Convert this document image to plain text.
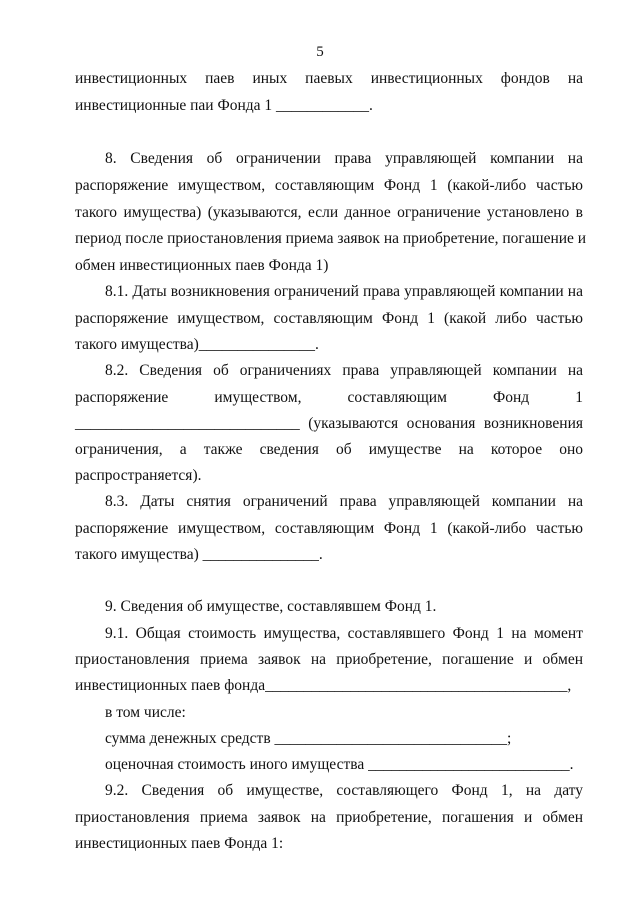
5
инвестиционных паев иных паевых инвестиционных фондов на
инвестиционные паи Фонда 1 ____________.
8. Сведения об ограничении права управляющей компании на
распоряжение имуществом, составляющим Фонд 1 (какой-либо частью
такого имущества) (указываются, если данное ограничение установлено в
период после приостановления приема заявок на приобретение, погашение и
обмен инвестиционных паев Фонда 1)
8.1. Даты возникновения ограничений права управляющей компании на
распоряжение имуществом, составляющим Фонд 1 (какой либо частью
такого имущества)_______________.
8.2. Сведения об ограничениях права управляющей компании на
распоряжение имуществом, составляющим Фонд 1
_____________________________ (указываются основания возникновения
ограничения, а также сведения об имуществе на которое оно
распространяется).
8.3. Даты снятия ограничений права управляющей компании на
распоряжение имуществом, составляющим Фонд 1 (какой-либо частью
такого имущества) _______________.
9. Сведения об имуществе, составлявшем Фонд 1.
9.1. Общая стоимость имущества, составлявшего Фонд 1 на момент
приостановления приема заявок на приобретение, погашение и обмен
инвестиционных паев фонда_______________________________________,
в том числе:
сумма денежных средств ______________________________;
оценочная стоимость иного имущества __________________________.
9.2. Сведения об имуществе, составляющего Фонд 1, на дату
приостановления приема заявок на приобретение, погашения и обмен
инвестиционных паев Фонда 1:
